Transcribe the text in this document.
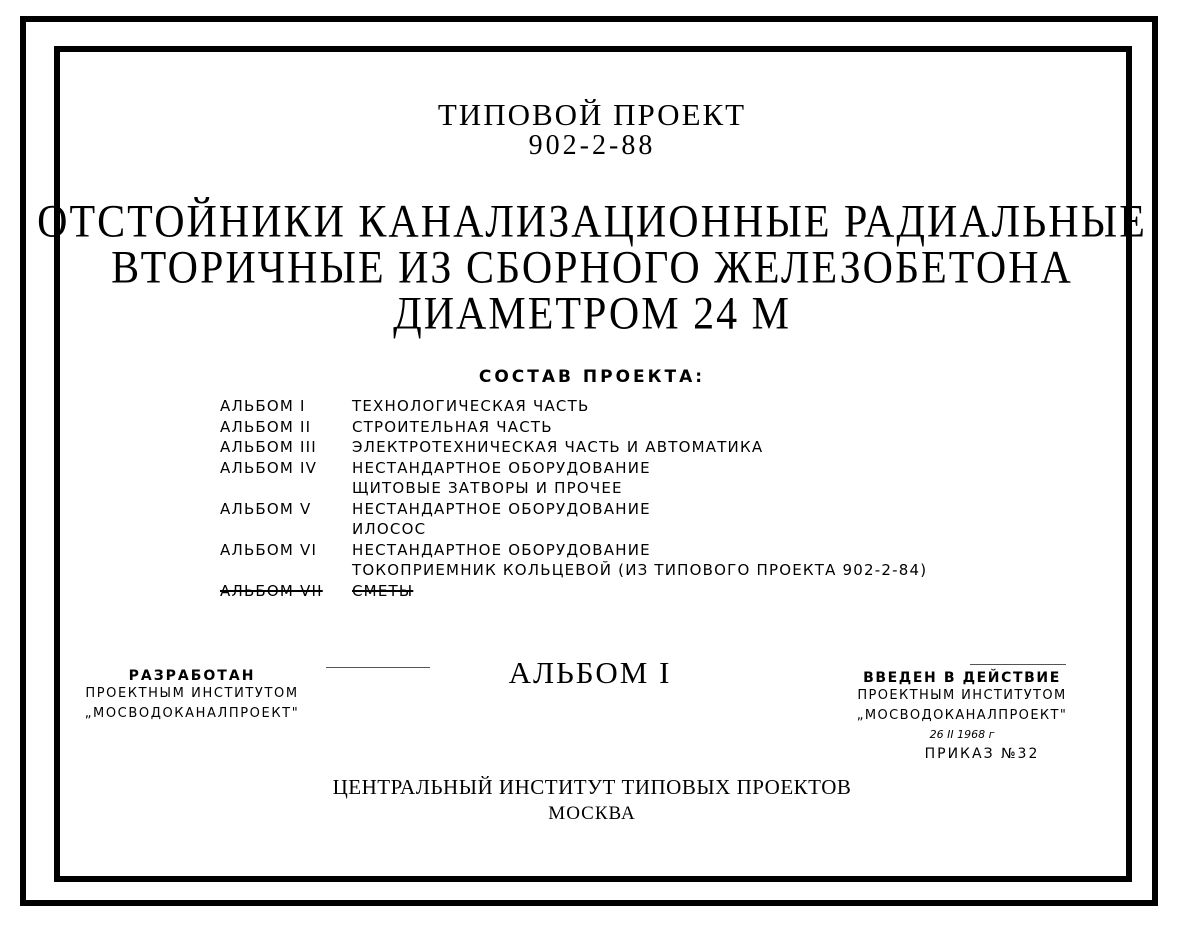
ТИПОВОЙ ПРОЕКТ
902-2-88
ОТСТОЙНИКИ КАНАЛИЗАЦИОННЫЕ РАДИАЛЬНЫЕ
ВТОРИЧНЫЕ ИЗ СБОРНОГО ЖЕЛЕЗОБЕТОНА
ДИАМЕТРОМ 24 М
СОСТАВ ПРОЕКТА:
АЛЬБОМ I	ТЕХНОЛОГИЧЕСКАЯ ЧАСТЬ
АЛЬБОМ II	СТРОИТЕЛЬНАЯ ЧАСТЬ
АЛЬБОМ III	ЭЛЕКТРОТЕХНИЧЕСКАЯ ЧАСТЬ И АВТОМАТИКА
АЛЬБОМ IV	НЕСТАНДАРТНОЕ ОБОРУДОВАНИЕ
ЩИТОВЫЕ ЗАТВОРЫ И ПРОЧЕЕ
АЛЬБОМ V	НЕСТАНДАРТНОЕ ОБОРУДОВАНИЕ
ИЛОСОС
АЛЬБОМ VI	НЕСТАНДАРТНОЕ ОБОРУДОВАНИЕ
ТОКОПРИЕМНИК КОЛЬЦЕВОЙ (ИЗ ТИПОВОГО ПРОЕКТА 902-2-84)
АЛЬБОМ VII	СМЕТЫ
РАЗРАБОТАН
ПРОЕКТНЫМ ИНСТИТУТОМ
„МОСВОДОКАНАЛПРОЕКТ"
АЛЬБОМ I	ВВЕДЕН В ДЕЙСТВИЕ
ПРОЕКТНЫМ ИНСТИТУТОМ
„МОСВОДОКАНАЛПРОЕКТ"
26 II 1968 г
ПРИКАЗ №32
ЦЕНТРАЛЬНЫЙ ИНСТИТУТ ТИПОВЫХ ПРОЕКТОВ
МОСКВА
